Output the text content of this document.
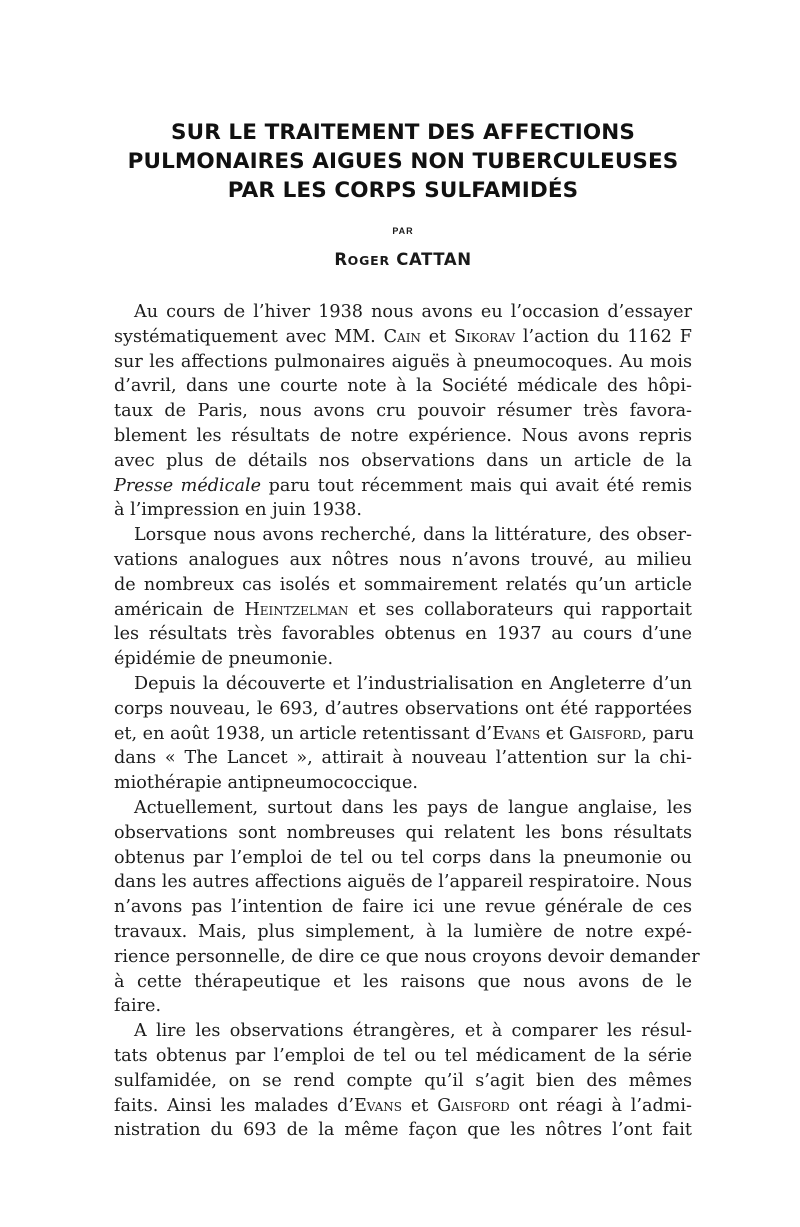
SUR LE TRAITEMENT DES AFFECTIONS
PULMONAIRES AIGUES NON TUBERCULEUSES
PAR LES CORPS SULFAMIDÉS
PAR
ROGER CATTAN

Au cours de l’hiver 1938 nous avons eu l’occasion d’essayer
systématiquement avec MM. Cain et Sikorav l’action du 1162 F
sur les affections pulmonaires aiguës à pneumocoques. Au mois
d’avril, dans une courte note à la Société médicale des hôpi-
taux de Paris, nous avons cru pouvoir résumer très favora-
blement les résultats de notre expérience. Nous avons repris
avec plus de détails nos observations dans un article de la
Presse médicale paru tout récemment mais qui avait été remis
à l’impression en juin 1938.

Lorsque nous avons recherché, dans la littérature, des obser-
vations analogues aux nôtres nous n’avons trouvé, au milieu
de nombreux cas isolés et sommairement relatés qu’un article
américain de Heintzelman et ses collaborateurs qui rapportait
les résultats très favorables obtenus en 1937 au cours d’une
épidémie de pneumonie.

Depuis la découverte et l’industrialisation en Angleterre d’un
corps nouveau, le 693, d’autres observations ont été rapportées
et, en août 1938, un article retentissant d’Evans et Gaisford, paru
dans « The Lancet », attirait à nouveau l’attention sur la chi-
miothérapie antipneumococcique.

Actuellement, surtout dans les pays de langue anglaise, les
observations sont nombreuses qui relatent les bons résultats
obtenus par l’emploi de tel ou tel corps dans la pneumonie ou
dans les autres affections aiguës de l’appareil respiratoire. Nous
n’avons pas l’intention de faire ici une revue générale de ces
travaux. Mais, plus simplement, à la lumière de notre expé-
rience personnelle, de dire ce que nous croyons devoir demander
à cette thérapeutique et les raisons que nous avons de le
faire.

A lire les observations étrangères, et à comparer les résul-
tats obtenus par l’emploi de tel ou tel médicament de la série
sulfamidée, on se rend compte qu’il s’agit bien des mêmes
faits. Ainsi les malades d’Evans et Gaisford ont réagi à l’admi-
nistration du 693 de la même façon que les nôtres l’ont fait
